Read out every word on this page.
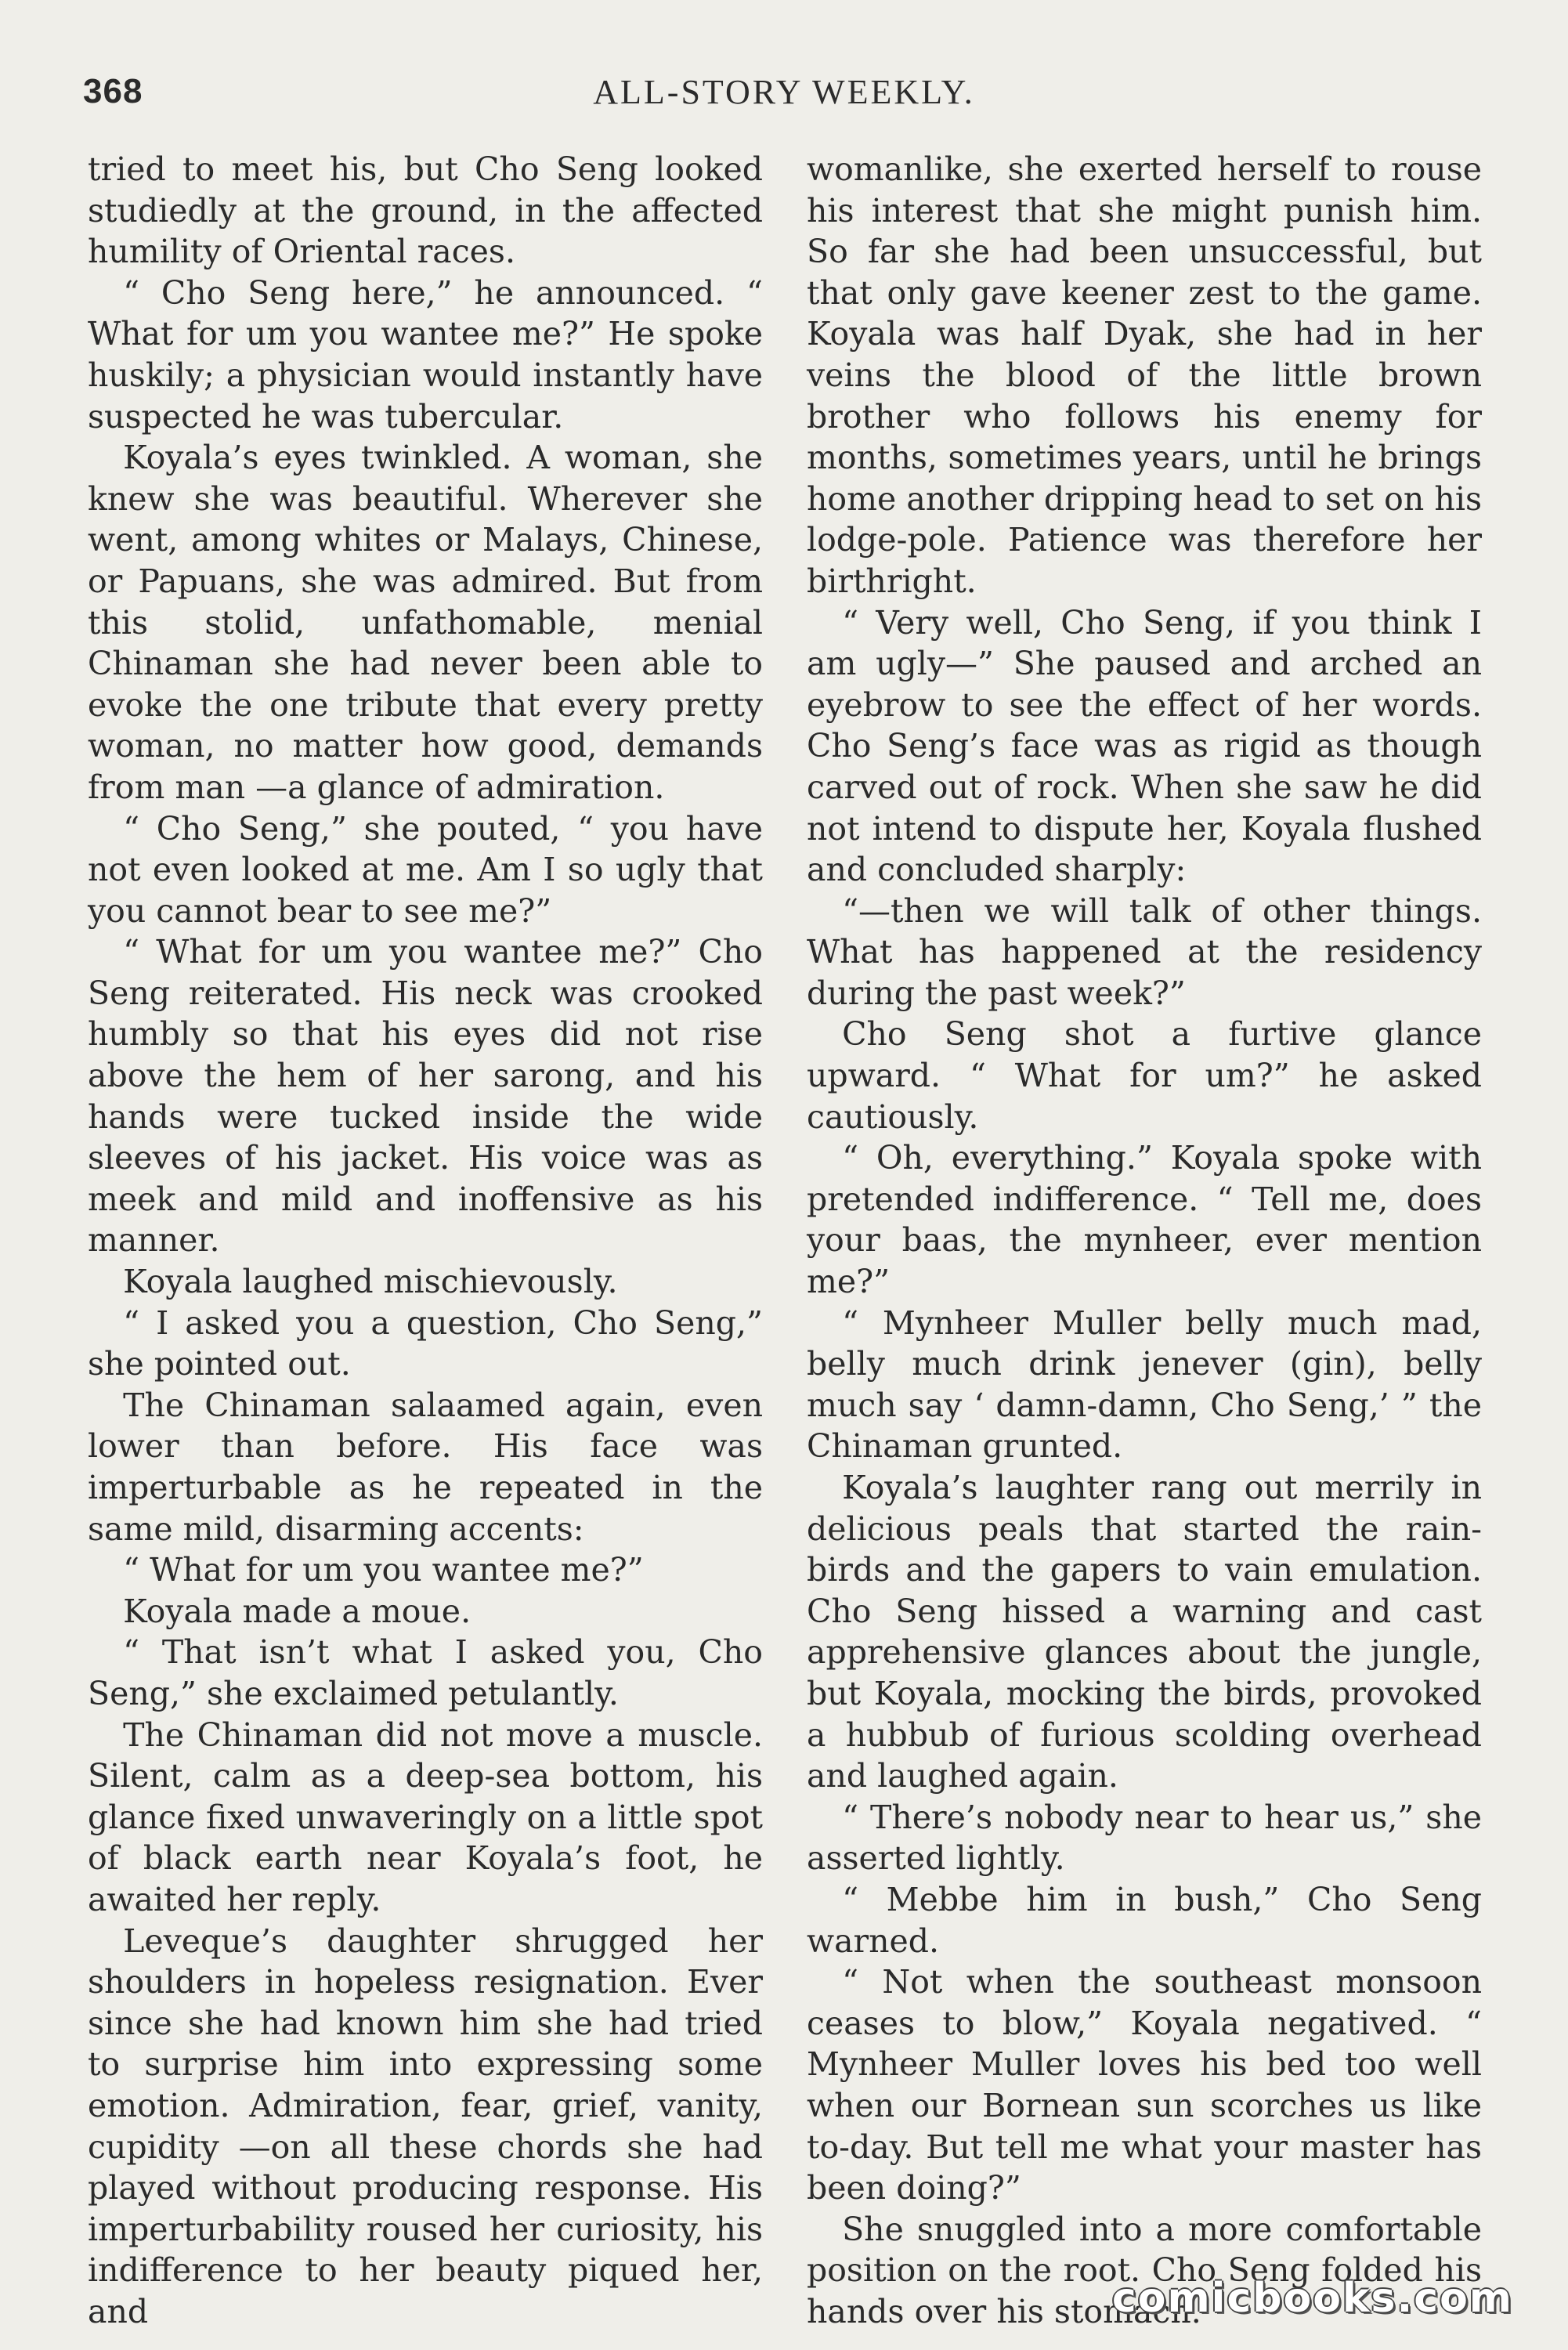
368	ALL-STORY WEEKLY.

tried to meet his, but Cho Seng looked studiedly at the ground, in the affected humility of Oriental races.

“ Cho Seng here,” he announced. “ What for um you wantee me?” He spoke huskily; a physician would instantly have suspected he was tubercular.

Koyala’s eyes twinkled. A woman, she knew she was beautiful. Wherever she went, among whites or Malays, Chinese, or Papuans, she was admired. But from this stolid, unfathomable, menial Chinaman she had never been able to evoke the one tribute that every pretty woman, no matter how good, demands from man —a glance of admiration.

“ Cho Seng,” she pouted, “ you have not even looked at me. Am I so ugly that you cannot bear to see me?”

“ What for um you wantee me?” Cho Seng reiterated. His neck was crooked humbly so that his eyes did not rise above the hem of her sarong, and his hands were tucked inside the wide sleeves of his jacket. His voice was as meek and mild and inoffensive as his manner.

Koyala laughed mischievously.

“ I asked you a question, Cho Seng,” she pointed out.

The Chinaman salaamed again, even lower than before. His face was imperturbable as he repeated in the same mild, disarming accents:

“ What for um you wantee me?”

Koyala made a moue.

“ That isn’t what I asked you, Cho Seng,” she exclaimed petulantly.

The Chinaman did not move a muscle. Silent, calm as a deep-sea bottom, his glance fixed unwaveringly on a little spot of black earth near Koyala’s foot, he awaited her reply.

Leveque’s daughter shrugged her shoulders in hopeless resignation. Ever since she had known him she had tried to surprise him into expressing some emotion. Admiration, fear, grief, vanity, cupidity —on all these chords she had played without producing response. His imperturbability roused her curiosity, his indifference to her beauty piqued her, and

womanlike, she exerted herself to rouse his interest that she might punish him. So far she had been unsuccessful, but that only gave keener zest to the game. Koyala was half Dyak, she had in her veins the blood of the little brown brother who follows his enemy for months, sometimes years, until he brings home another dripping head to set on his lodge-pole. Patience was therefore her birthright.

“ Very well, Cho Seng, if you think I am ugly—” She paused and arched an eyebrow to see the effect of her words. Cho Seng’s face was as rigid as though carved out of rock. When she saw he did not intend to dispute her, Koyala flushed and concluded sharply:

“—then we will talk of other things. What has happened at the residency during the past week?”

Cho Seng shot a furtive glance upward. “ What for um?” he asked cautiously.

“ Oh, everything.” Koyala spoke with pretended indifference. “ Tell me, does your baas, the mynheer, ever mention me?”

“ Mynheer Muller belly much mad, belly much drink jenever (gin), belly much say ‘ damn-damn, Cho Seng,’ ” the Chinaman grunted.

Koyala’s laughter rang out merrily in delicious peals that started the rain-birds and the gapers to vain emulation. Cho Seng hissed a warning and cast apprehensive glances about the jungle, but Koyala, mocking the birds, provoked a hubbub of furious scolding overhead and laughed again.

“ There’s nobody near to hear us,” she asserted lightly.

“ Mebbe him in bush,” Cho Seng warned.

“ Not when the southeast monsoon ceases to blow,” Koyala negatived. “ Mynheer Muller loves his bed too well when our Bornean sun scorches us like to-day. But tell me what your master has been doing?”

She snuggled into a more comfortable position on the root. Cho Seng folded his hands over his stomach.

comicbooks.com
